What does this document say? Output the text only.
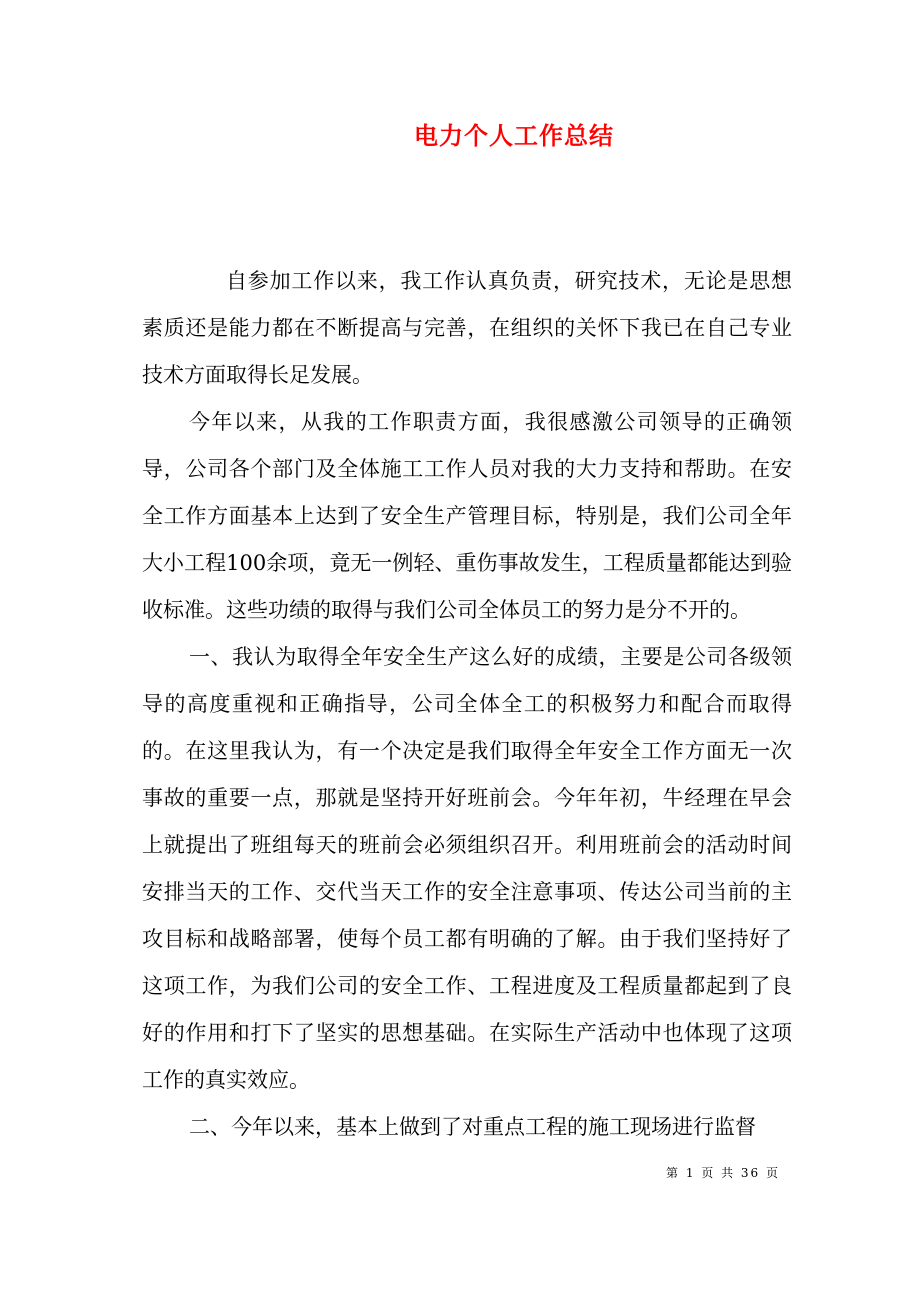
电力个人工作总结

自参加工作以来，我工作认真负责，研究技术，无论是思想素质还是能力都在不断提高与完善，在组织的关怀下我已在自己专业技术方面取得长足发展。

今年以来，从我的工作职责方面，我很感激公司领导的正确领导，公司各个部门及全体施工工作人员对我的大力支持和帮助。在安全工作方面基本上达到了安全生产管理目标，特别是，我们公司全年大小工程100余项，竟无一例轻、重伤事故发生，工程质量都能达到验收标准。这些功绩的取得与我们公司全体员工的努力是分不开的。

一、我认为取得全年安全生产这么好的成绩，主要是公司各级领导的高度重视和正确指导，公司全体全工的积极努力和配合而取得的。在这里我认为，有一个决定是我们取得全年安全工作方面无一次事故的重要一点，那就是坚持开好班前会。今年年初，牛经理在早会上就提出了班组每天的班前会必须组织召开。利用班前会的活动时间安排当天的工作、交代当天工作的安全注意事项、传达公司当前的主攻目标和战略部署，使每个员工都有明确的了解。由于我们坚持好了这项工作，为我们公司的安全工作、工程进度及工程质量都起到了良好的作用和打下了坚实的思想基础。在实际生产活动中也体现了这项工作的真实效应。

二、今年以来，基本上做到了对重点工程的施工现场进行监督

第 1 页 共 36 页
